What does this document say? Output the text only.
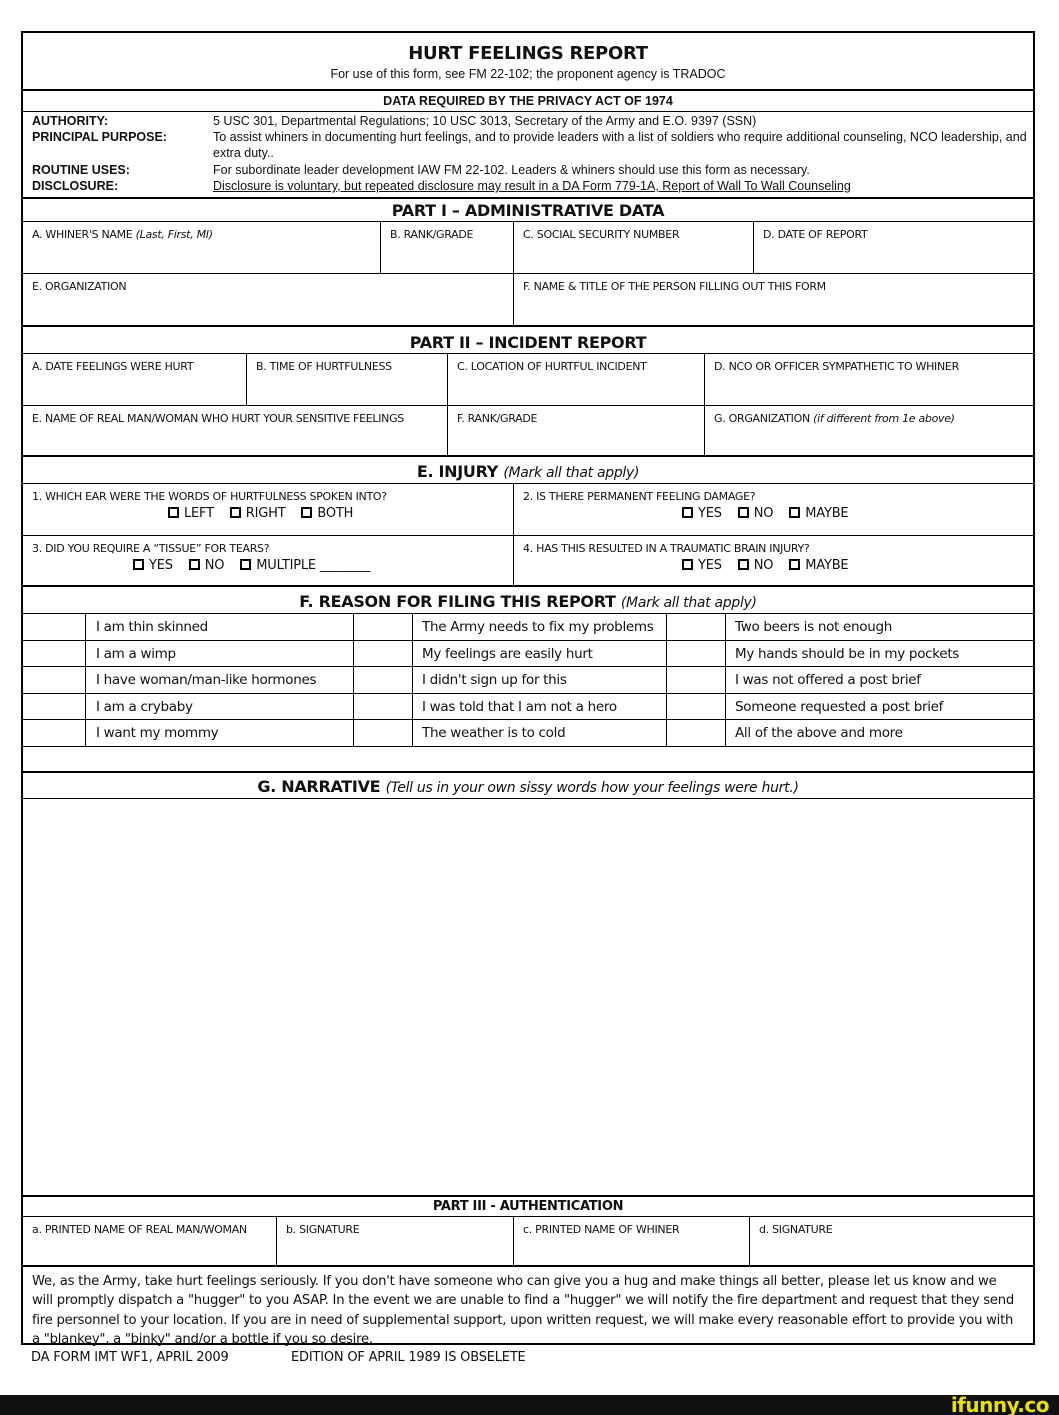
HURT FEELINGS REPORT
For use of this form, see FM 22-102; the proponent agency is TRADOC
DATA REQUIRED BY THE PRIVACY ACT OF 1974
AUTHORITY:	5 USC 301, Departmental Regulations; 10 USC 3013, Secretary of the Army and E.O. 9397 (SSN)
PRINCIPAL PURPOSE:	To assist whiners in documenting hurt feelings, and to provide leaders with a list of soldiers who require additional counseling, NCO leadership, and extra duty..
ROUTINE USES:	For subordinate leader development IAW FM 22-102. Leaders & whiners should use this form as necessary.
DISCLOSURE:	Disclosure is voluntary, but repeated disclosure may result in a DA Form 779-1A, Report of Wall To Wall Counseling
PART I – ADMINISTRATIVE DATA
A. WHINER'S NAME (Last, First, MI)	B. RANK/GRADE	C. SOCIAL SECURITY NUMBER	D. DATE OF REPORT
E. ORGANIZATION	F. NAME & TITLE OF THE PERSON FILLING OUT THIS FORM
PART II – INCIDENT REPORT
A. DATE FEELINGS WERE HURT	B. TIME OF HURTFULNESS	C. LOCATION OF HURTFUL INCIDENT	D. NCO OR OFFICER SYMPATHETIC TO WHINER
E. NAME OF REAL MAN/WOMAN WHO HURT YOUR SENSITIVE FEELINGS	F. RANK/GRADE	G. ORGANIZATION (if different from 1e above)
E. INJURY (Mark all that apply)
1. WHICH EAR WERE THE WORDS OF HURTFULNESS SPOKEN INTO?
LEFT RIGHT BOTH
2. IS THERE PERMANENT FEELING DAMAGE?
YES NO MAYBE
3. DID YOU REQUIRE A “TISSUE” FOR TEARS?
YES NO MULTIPLE ________
4. HAS THIS RESULTED IN A TRAUMATIC BRAIN INJURY?
YES NO MAYBE
F. REASON FOR FILING THIS REPORT (Mark all that apply)
I am thin skinned	The Army needs to fix my problems	Two beers is not enough
I am a wimp	My feelings are easily hurt	My hands should be in my pockets
I have woman/man-like hormones	I didn't sign up for this	I was not offered a post brief
I am a crybaby	I was told that I am not a hero	Someone requested a post brief
I want my mommy	The weather is to cold	All of the above and more
G. NARRATIVE (Tell us in your own sissy words how your feelings were hurt.)
PART III - AUTHENTICATION
a. PRINTED NAME OF REAL MAN/WOMAN	b. SIGNATURE	c. PRINTED NAME OF WHINER	d. SIGNATURE
We, as the Army, take hurt feelings seriously. If you don't have someone who can give you a hug and make things all better, please let us know and we will promptly dispatch a "hugger" to you ASAP. In the event we are unable to find a "hugger" we will notify the fire department and request that they send fire personnel to your location. If you are in need of supplemental support, upon written request, we will make every reasonable effort to provide you with a "blankey", a "binky" and/or a bottle if you so desire.
DA FORM IMT WF1, APRIL 2009	EDITION OF APRIL 1989 IS OBSELETE
ifunny.co
